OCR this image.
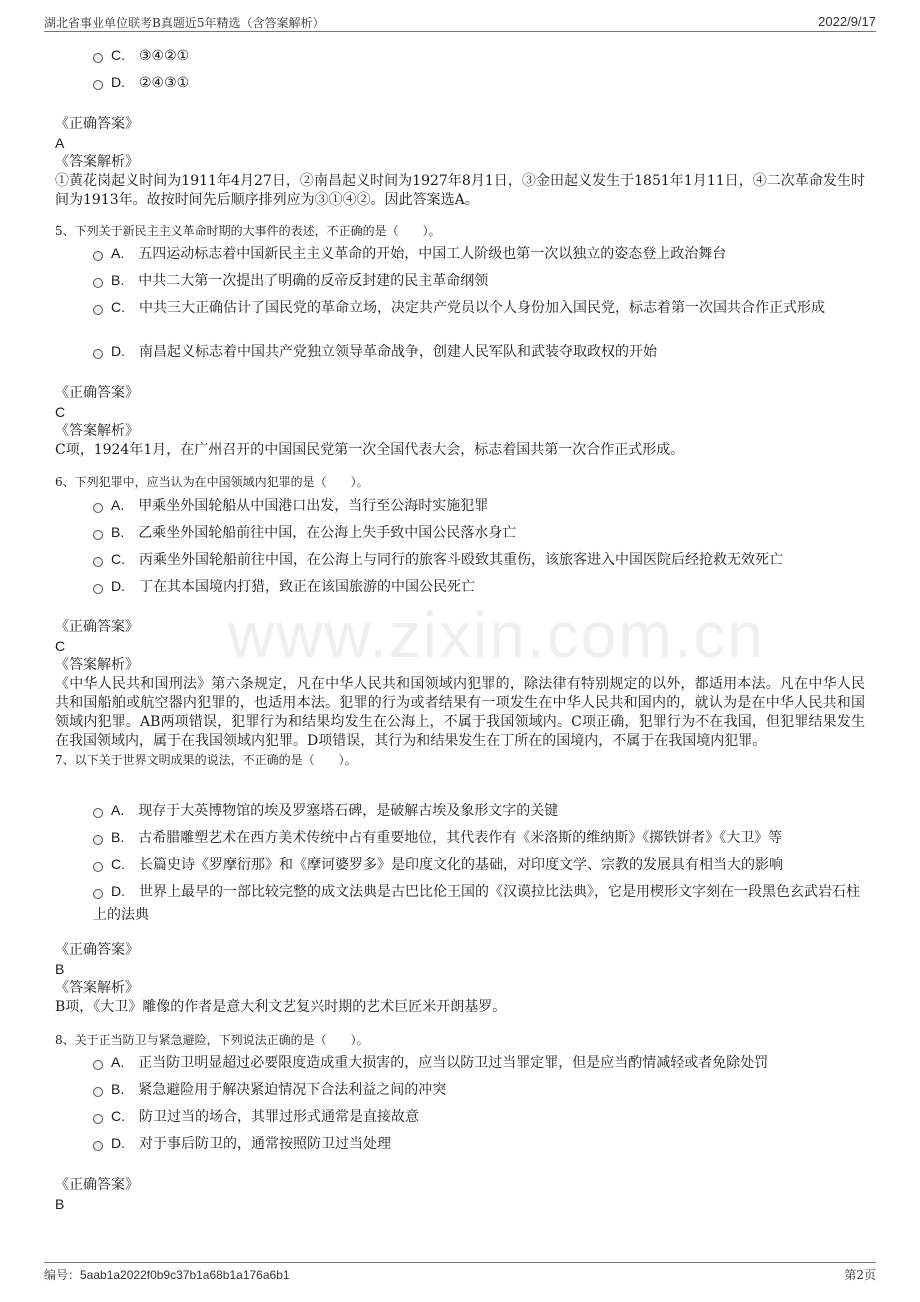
湖北省事业单位联考B真题近5年精选（含答案解析）	2022/9/17
www.zixin.com.cn
C. ③④②①
D. ②④③①
《正确答案》
A
《答案解析》
①黄花岗起义时间为1911年4月27日，②南昌起义时间为1927年8月1日，③金田起义发生于1851年1月11日，④二次革命发生时间为1913年。故按时间先后顺序排列应为③①④②。因此答案选A。
5、下列关于新民主主义革命时期的大事件的表述，不正确的是（　　）。
A. 五四运动标志着中国新民主主义革命的开始，中国工人阶级也第一次以独立的姿态登上政治舞台
B. 中共二大第一次提出了明确的反帝反封建的民主革命纲领
C. 中共三大正确估计了国民党的革命立场，决定共产党员以个人身份加入国民党，标志着第一次国共合作正式形成
D. 南昌起义标志着中国共产党独立领导革命战争，创建人民军队和武装夺取政权的开始
《正确答案》
C
《答案解析》
C项，1924年1月，在广州召开的中国国民党第一次全国代表大会，标志着国共第一次合作正式形成。
6、下列犯罪中，应当认为在中国领域内犯罪的是（　　）。
A. 甲乘坐外国轮船从中国港口出发，当行至公海时实施犯罪
B. 乙乘坐外国轮船前往中国，在公海上失手致中国公民落水身亡
C. 丙乘坐外国轮船前往中国，在公海上与同行的旅客斗殴致其重伤，该旅客进入中国医院后经抢救无效死亡
D. 丁在其本国境内打猎，致正在该国旅游的中国公民死亡
《正确答案》
C
《答案解析》
《中华人民共和国刑法》第六条规定，凡在中华人民共和国领域内犯罪的，除法律有特别规定的以外，都适用本法。凡在中华人民共和国船舶或航空器内犯罪的，也适用本法。犯罪的行为或者结果有一项发生在中华人民共和国内的，就认为是在中华人民共和国领域内犯罪。AB两项错误，犯罪行为和结果均发生在公海上，不属于我国领域内。C项正确，犯罪行为不在我国，但犯罪结果发生在我国领域内，属于在我国领域内犯罪。D项错误，其行为和结果发生在丁所在的国境内，不属于在我国境内犯罪。
7、以下关于世界文明成果的说法，不正确的是（　　）。
A. 现存于大英博物馆的埃及罗塞塔石碑，是破解古埃及象形文字的关键
B. 古希腊雕塑艺术在西方美术传统中占有重要地位，其代表作有《米洛斯的维纳斯》《掷铁饼者》《大卫》等
C. 长篇史诗《罗摩衍那》和《摩诃婆罗多》是印度文化的基础，对印度文学、宗教的发展具有相当大的影响
D. 世界上最早的一部比较完整的成文法典是古巴比伦王国的《汉谟拉比法典》，它是用楔形文字刻在一段黑色玄武岩石柱上的法典
《正确答案》
B
《答案解析》
B项，《大卫》雕像的作者是意大利文艺复兴时期的艺术巨匠米开朗基罗。
8、关于正当防卫与紧急避险，下列说法正确的是（　　）。
A. 正当防卫明显超过必要限度造成重大损害的，应当以防卫过当罪定罪，但是应当酌情减轻或者免除处罚
B. 紧急避险用于解决紧迫情况下合法利益之间的冲突
C. 防卫过当的场合，其罪过形式通常是直接故意
D. 对于事后防卫的，通常按照防卫过当处理
《正确答案》
B
编号：5aab1a2022f0b9c37b1a68b1a176a6b1	第2页
